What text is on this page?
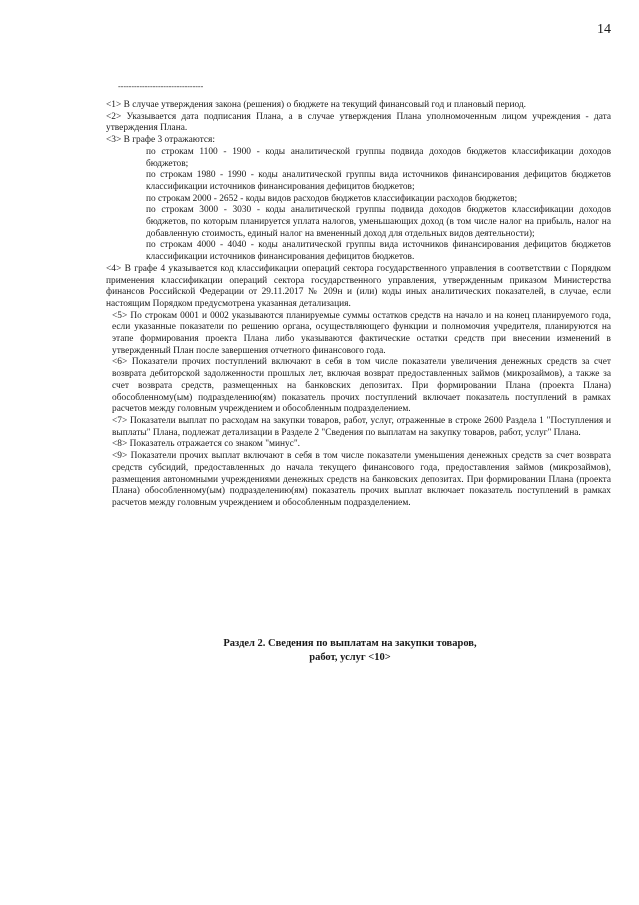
14
--------------------------------

<1> В случае утверждения закона (решения) о бюджете на текущий финансовый год и плановый период.

<2> Указывается дата подписания Плана, а в случае утверждения Плана уполномоченным лицом учреждения - дата утверждения Плана.

<3> В графе 3 отражаются:

по строкам 1100 - 1900 - коды аналитической группы подвида доходов бюджетов классификации доходов бюджетов;

по строкам 1980 - 1990 - коды аналитической группы вида источников финансирования дефицитов бюджетов классификации источников финансирования дефицитов бюджетов;

по строкам 2000 - 2652 - коды видов расходов бюджетов классификации расходов бюджетов;

по строкам 3000 - 3030 - коды аналитической группы подвида доходов бюджетов классификации доходов бюджетов, по которым планируется уплата налогов, уменьшающих доход (в том числе налог на прибыль, налог на добавленную стоимость, единый налог на вмененный доход для отдельных видов деятельности);

по строкам 4000 - 4040 - коды аналитической группы вида источников финансирования дефицитов бюджетов классификации источников финансирования дефицитов бюджетов.

<4> В графе 4 указывается код классификации операций сектора государственного управления в соответствии с Порядком применения классификации операций сектора государственного управления, утвержденным приказом Министерства финансов Российской Федерации от 29.11.2017 № 209н и (или) коды иных аналитических показателей, в случае, если настоящим Порядком предусмотрена указанная детализация.

<5> По строкам 0001 и 0002 указываются планируемые суммы остатков средств на начало и на конец планируемого года, если указанные показатели по решению органа, осуществляющего функции и полномочия учредителя, планируются на этапе формирования проекта Плана либо указываются фактические остатки средств при внесении изменений в утвержденный План после завершения отчетного финансового года.

<6> Показатели прочих поступлений включают в себя в том числе показатели увеличения денежных средств за счет возврата дебиторской задолженности прошлых лет, включая возврат предоставленных займов (микрозаймов), а также за счет возврата средств, размещенных на банковских депозитах. При формировании Плана (проекта Плана) обособленному(ым) подразделению(ям) показатель прочих поступлений включает показатель поступлений в рамках расчетов между головным учреждением и обособленным подразделением.

<7> Показатели выплат по расходам на закупки товаров, работ, услуг, отраженные в строке 2600 Раздела 1 "Поступления и выплаты" Плана, подлежат детализации в Разделе 2 "Сведения по выплатам на закупку товаров, работ, услуг" Плана.

<8> Показатель отражается со знаком "минус".

<9> Показатели прочих выплат включают в себя в том числе показатели уменьшения денежных средств за счет возврата средств субсидий, предоставленных до начала текущего финансового года, предоставления займов (микрозаймов), размещения автономными учреждениями денежных средств на банковских депозитах. При формировании Плана (проекта Плана) обособленному(ым) подразделению(ям) показатель прочих выплат включает показатель поступлений в рамках расчетов между головным учреждением и обособленным подразделением.

Раздел 2. Сведения по выплатам на закупки товаров,
работ, услуг <10>
